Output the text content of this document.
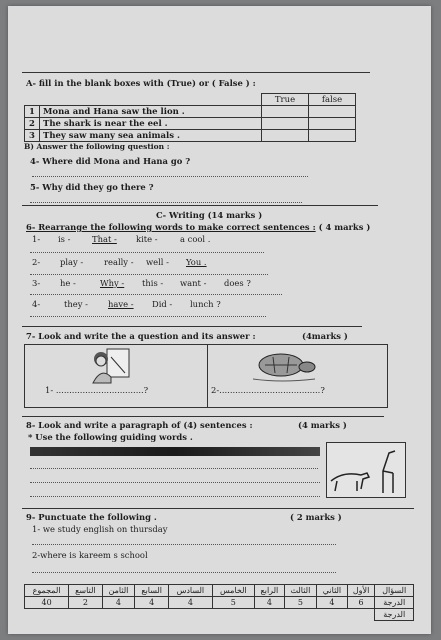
A- fill in the blank boxes with (True) or ( False ) :
		True	false
1	Mona and Hana saw the lion .		
2	The shark is near the eel .		
3	They saw many sea animals .		
B) Answer the following question :
4- Where did Mona and Hana go ?
5- Why did they go there ?
C- Writing (14 marks )
6- Rearrange the following words to make correct sentences : ( 4 marks )
1- is -	That - kite -	a cool .
2- play - really - well - You .
3- he -	Why - this - want - does ?
4-	they - have - Did - lunch ?
7- Look and write the a question and its answer :	(4marks )
1- .................................?	2-......................................?
8- Look and write a paragraph of (4) sentences :	(4 marks )
* Use the following guiding words .
9- Punctuate the following .	( 2 marks )
1- we study english on thursday
2-where is kareem s school
المجموع	التاسع	الثامن	السابع	السادس	الخامس	الرابع	الثالث	الثاني	الأول	السؤال
40	2	4	4	4	5	4	5	4	6	الدرجة
										الدرجة
